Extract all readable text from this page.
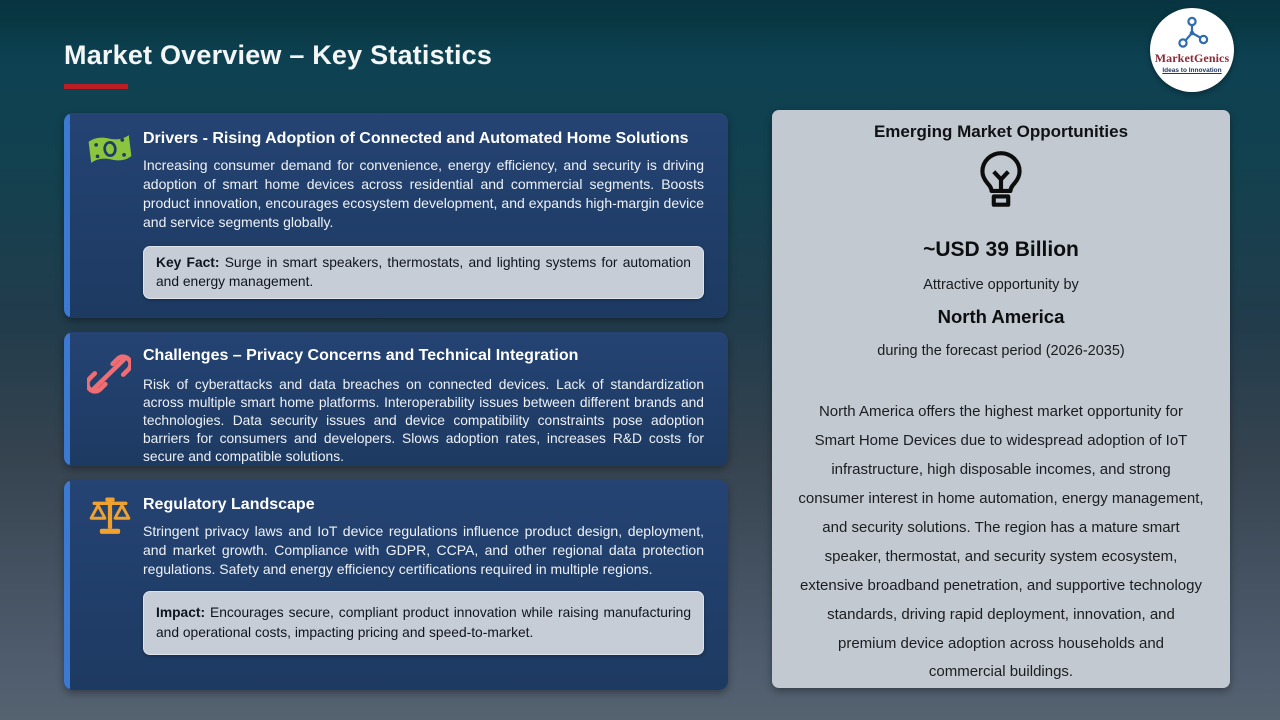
Market Overview – Key Statistics	MarketGenics
Ideas to Innovation
Drivers - Rising Adoption of Connected and Automated Home Solutions

Increasing consumer demand for convenience, energy efficiency, and security is driving adoption of smart home devices across residential and commercial segments. Boosts product innovation, encourages ecosystem development, and expands high-margin device and service segments globally.

Key Fact: Surge in smart speakers, thermostats, and lighting systems for automation and energy management.
Challenges – Privacy Concerns and Technical Integration

Risk of cyberattacks and data breaches on connected devices. Lack of standardization across multiple smart home platforms. Interoperability issues between different brands and technologies. Data security issues and device compatibility constraints pose adoption barriers for consumers and developers. Slows adoption rates, increases R&D costs for secure and compatible solutions.

Regulatory Landscape

Stringent privacy laws and IoT device regulations influence product design, deployment, and market growth. Compliance with GDPR, CCPA, and other regional data protection regulations. Safety and energy efficiency certifications required in multiple regions.

Impact: Encourages secure, compliant product innovation while raising manufacturing and operational costs, impacting pricing and speed-to-market.
Emerging Market Opportunities
~USD 39 Billion
Attractive opportunity by
North America
during the forecast period (2026-2035)

North America offers the highest market opportunity for Smart Home Devices due to widespread adoption of IoT infrastructure, high disposable incomes, and strong consumer interest in home automation, energy management, and security solutions. The region has a mature smart speaker, thermostat, and security system ecosystem, extensive broadband penetration, and supportive technology standards, driving rapid deployment, innovation, and premium device adoption across households and commercial buildings.
